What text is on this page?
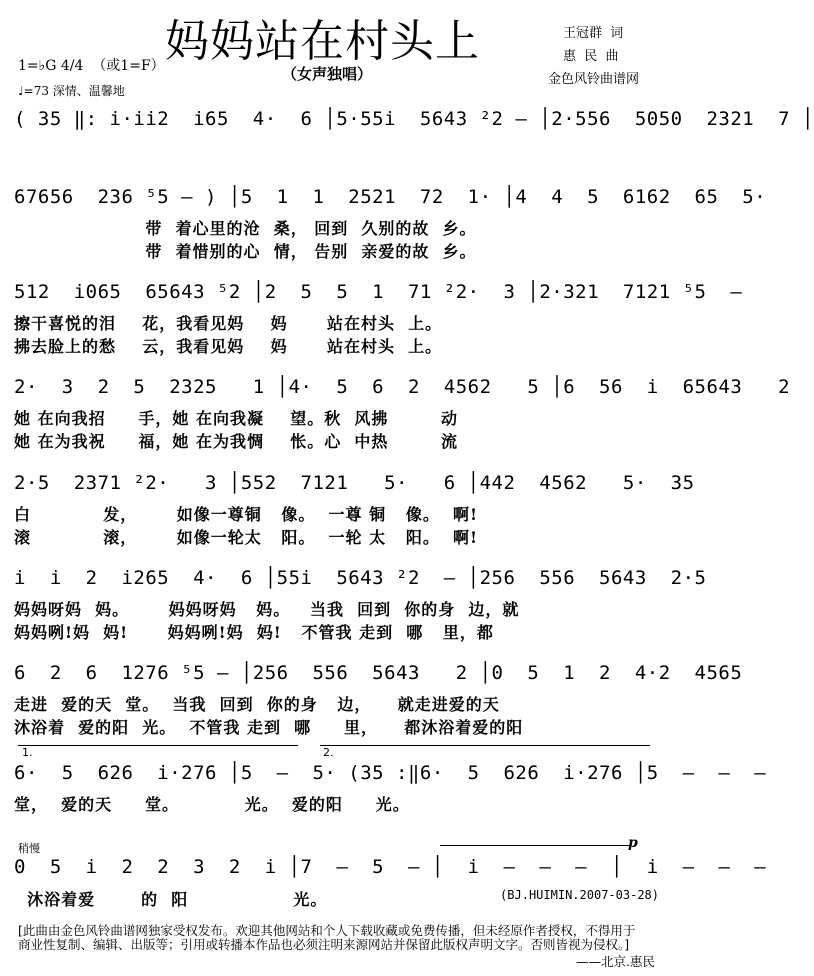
妈妈站在村头上
（女声独唱）
王冠群  词
惠  民  曲
金色风铃曲谱网
1=♭G 4/4  （或1=F）
♩=73 深情、温馨地
( 35 ‖: i·ii2  i65  4·  6 │5·55i  5643 ²2 – │2·556  5050  2321  7 │
67656  236 ⁵5 – ) │5  1  1  2521  72  1· │4  4  5  6162  65  5·
带  着心里的沧  桑， 回到  久别的故  乡。
带  着惜别的心  情， 告别  亲爱的故  乡。
512  i065  65643 ⁵2 │2  5  5  1  71 ²2·  3 │2·321  7121 ⁵5  –
擦干喜悦的泪    花，我看见妈    妈      站在村头  上。
拂去脸上的愁    云，我看见妈    妈      站在村头  上。
2·  3  2  5  2325   1 │4·  5  6  2  4562   5 │6  56  i  65643   2
她 在向我招     手，她 在向我凝    望。秋  风拂        动
她 在为我祝     福，她 在为我惆    怅。心  中热        流
2·5  2371 ²2·   3 │552  7121   5·   6 │442  4562   5·  35
白           发，      如像一尊铜   像。  一尊 铜   像。  啊!
滚           滚，      如像一轮太   阳。  一轮 太   阳。  啊!
i  i  2  i265  4·  6 │55i  5643 ²2  – │256  556  5643  2·5
妈妈呀妈  妈。      妈妈呀妈   妈。   当我  回到  你的身  边，就
妈妈咧!妈  妈!      妈妈咧!妈  妈!   不管我 走到  哪   里，都
6  2  6  1276 ⁵5 – │256  556  5643   2 │0  5  1  2  4·2  4565
走进  爱的天  堂。  当我  回到  你的身   边，    就走进爱的天
沐浴着  爱的阳  光。  不管我 走到  哪     里，    都沐浴着爱的阳
6·  5  626  i·276 │5  –  5· (35 :‖6·  5  626  i·276 │5  –  –  –
堂，  爱的天     堂。          光。  爱的阳     光。
0  5  i  2  2  3  2  i │7  –  5  – │  i  –  –  –  │  i  –  –  –
沐浴着爱       的  阳                光。
1.	2.
稍慢	p
(BJ.HUIMIN.2007-03-28)
[此曲由金色风铃曲谱网独家受权发布。欢迎其他网站和个人下载收藏或免费传播，但未经原作者授权，不得用于
商业性复制、编辑、出版等；引用或转播本作品也必须注明来源网站并保留此版权声明文字。否则皆视为侵权。]
——北京.惠民
